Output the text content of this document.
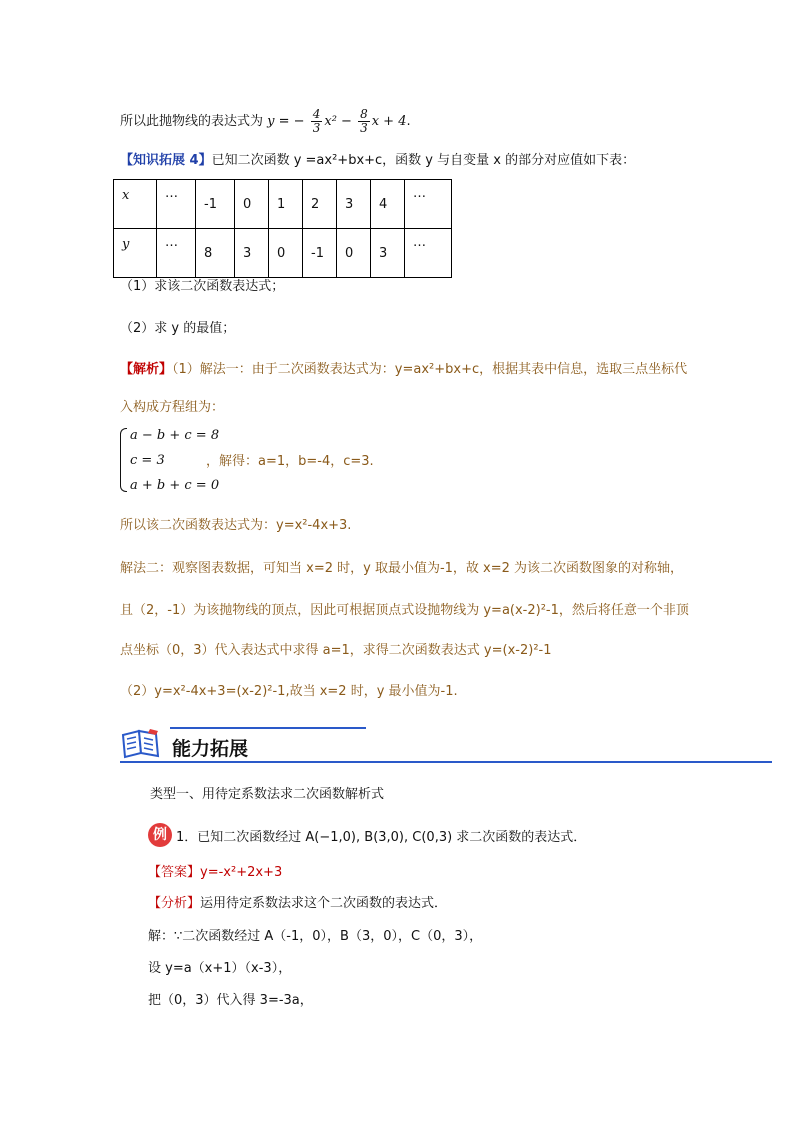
所以此抛物线的表达式为 y = − $\frac{4}{3} x^2 - \frac{8}{3}$ x + 4.
【知识拓展 4】已知二次函数 y =ax²+bx+c，函数 y 与自变量 x 的部分对应值如下表：
x	…	-1	0	1	2	3	4	…
y	…	8	3	0	-1	0	3	…
（1）求该二次函数表达式；
（2）求 y 的最值；
【解析】（1）解法一：由于二次函数表达式为：y=ax²+bx+c，根据其表中信息，选取三点坐标代
入构成方程组为：
a − b + c = 8
c = 3
a + b + c = 0
，解得：a=1，b=-4，c=3.
所以该二次函数表达式为：y=x²-4x+3.
解法二：观察图表数据，可知当 x=2 时，y 取最小值为-1，故 x=2 为该二次函数图象的对称轴，
且（2，-1）为该抛物线的顶点，因此可根据顶点式设抛物线为 y=a(x-2)²-1，然后将任意一个非顶
点坐标（0，3）代入表达式中求得 a=1，求得二次函数表达式 y=(x-2)²-1
（2）y=x²-4x+3=(x-2)²-1,故当 x=2 时，y 最小值为-1.
能力拓展
类型一、用待定系数法求二次函数解析式
例 1．已知二次函数经过 A(−1,0), B(3,0), C(0,3) 求二次函数的表达式．
【答案】y=-x²+2x+3
【分析】运用待定系数法求这个二次函数的表达式．
解：∵二次函数经过 A（-1，0），B（3，0），C（0，3），
设 y=a（x+1）（x-3），
把（0，3）代入得 3=-3a，
